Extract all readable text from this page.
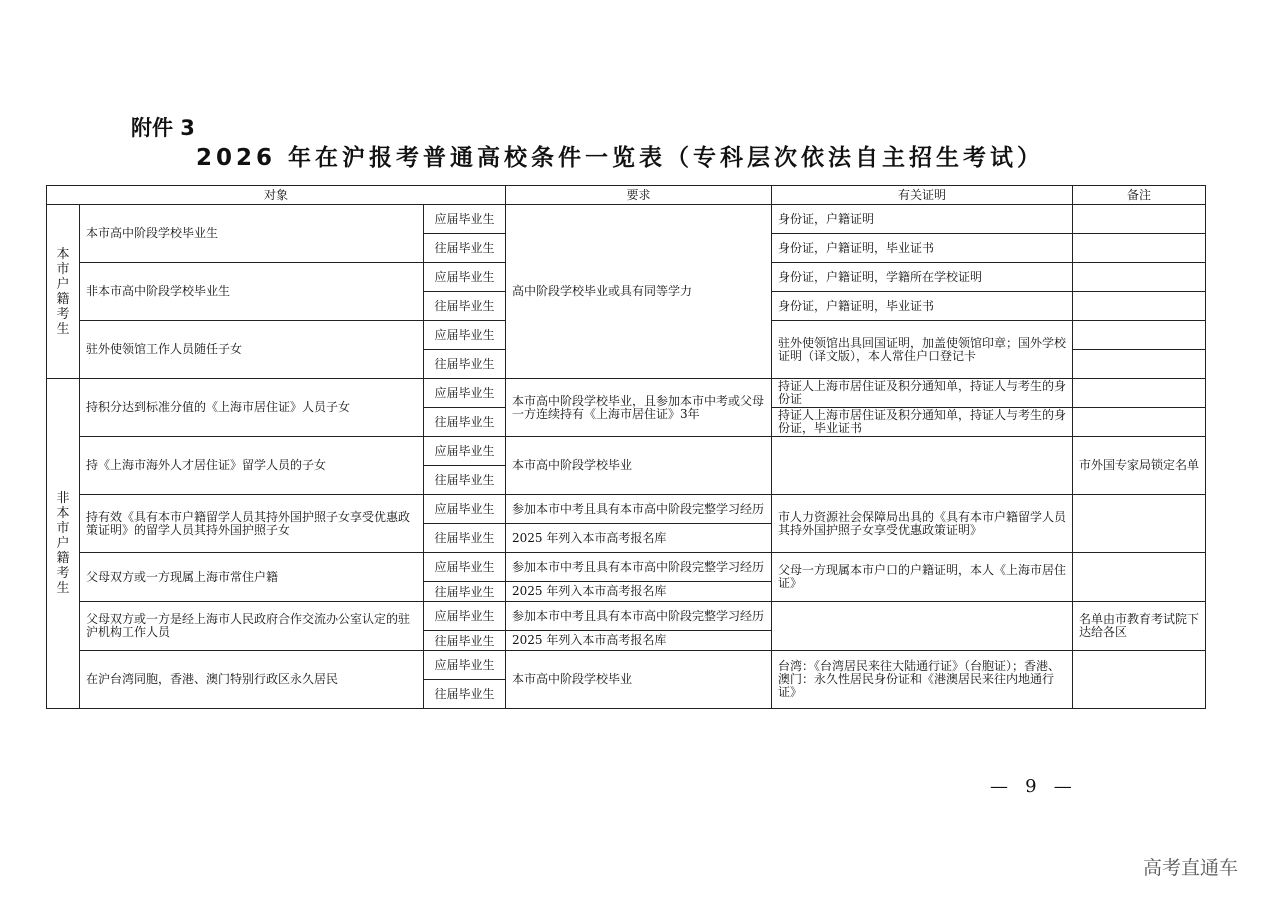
附件 3
2026 年在沪报考普通高校条件一览表（专科层次依法自主招生考试）
对象			要求	有关证明	备注
本市户籍考生	本市高中阶段学校毕业生	应届毕业生	高中阶段学校毕业或具有同等学力	身份证，户籍证明	
		往届毕业生		身份证，户籍证明，毕业证书	
	非本市高中阶段学校毕业生	应届毕业生		身份证，户籍证明，学籍所在学校证明	
		往届毕业生		身份证，户籍证明，毕业证书	
	驻外使领馆工作人员随任子女	应届毕业生		驻外使领馆出具回国证明，加盖使领馆印章；国外学校证明（译文版），本人常住户口登记卡	
		往届毕业生			
非本市户籍考生	持积分达到标准分值的《上海市居住证》人员子女	应届毕业生	本市高中阶段学校毕业，且参加本市中考或父母一方连续持有《上海市居住证》3年	持证人上海市居住证及积分通知单，持证人与考生的身份证	
		往届毕业生		持证人上海市居住证及积分通知单，持证人与考生的身份证，毕业证书	
	持《上海市海外人才居住证》留学人员的子女	应届毕业生	本市高中阶段学校毕业		市外国专家局锁定名单
		往届毕业生			
	持有效《具有本市户籍留学人员其持外国护照子女享受优惠政策证明》的留学人员其持外国护照子女	应届毕业生	参加本市中考且具有本市高中阶段完整学习经历	市人力资源社会保障局出具的《具有本市户籍留学人员其持外国护照子女享受优惠政策证明》	
		往届毕业生	2025 年列入本市高考报名库		
	父母双方或一方现属上海市常住户籍	应届毕业生	参加本市中考且具有本市高中阶段完整学习经历	父母一方现属本市户口的户籍证明，本人《上海市居住证》	
		往届毕业生	2025 年列入本市高考报名库		
	父母双方或一方是经上海市人民政府合作交流办公室认定的驻沪机构工作人员	应届毕业生	参加本市中考且具有本市高中阶段完整学习经历		名单由市教育考试院下达给各区
		往届毕业生	2025 年列入本市高考报名库		
	在沪台湾同胞，香港、澳门特别行政区永久居民	应届毕业生	本市高中阶段学校毕业	台湾：《台湾居民来往大陆通行证》（台胞证）；香港、澳门：永久性居民身份证和《港澳居民来往内地通行证》	
		往届毕业生			
—   9   —
高考直通车
